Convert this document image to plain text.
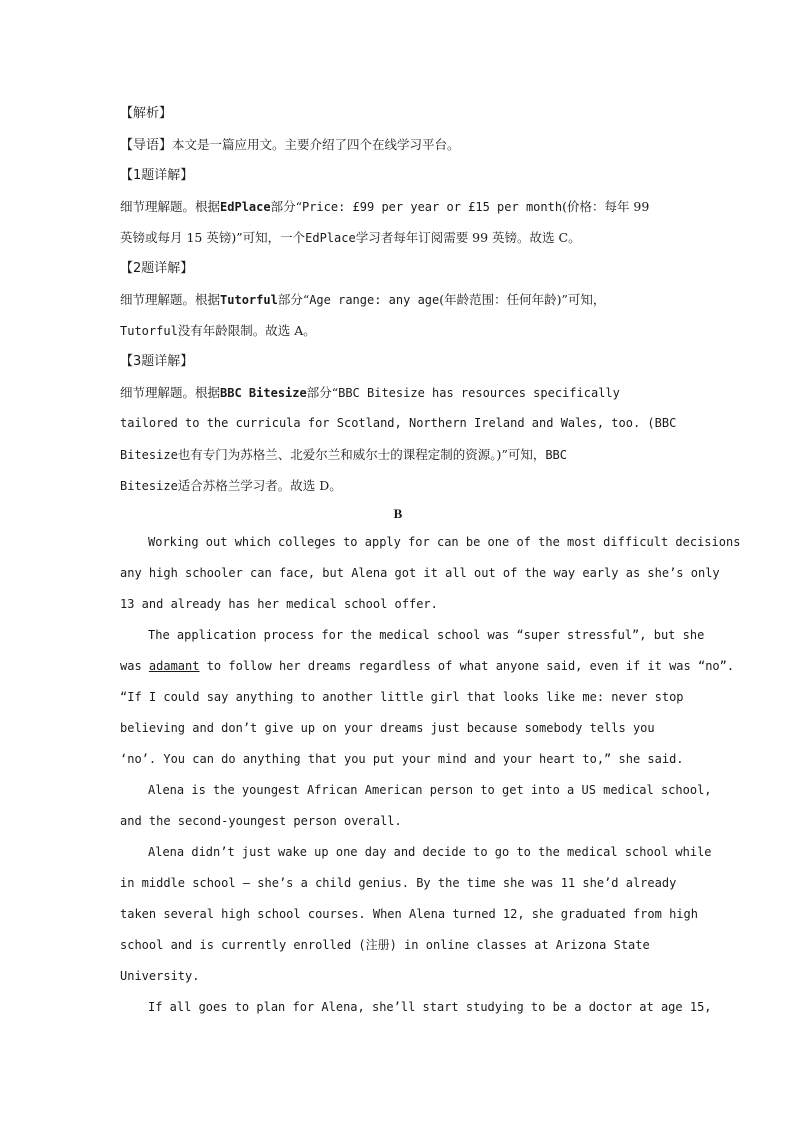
【解析】
【导语】本文是一篇应用文。主要介绍了四个在线学习平台。
【1题详解】
细节理解题。根据EdPlace部分“Price: £99 per year or £15 per month(价格：每年 99
英镑或每月 15 英镑)”可知，一个EdPlace学习者每年订阅需要 99 英镑。故选 C。
【2题详解】
细节理解题。根据Tutorful部分“Age range: any age(年龄范围：任何年龄)”可知，
Tutorful没有年龄限制。故选 A。
【3题详解】
细节理解题。根据BBC Bitesize部分“BBC Bitesize has resources specifically
tailored to the curricula for Scotland, Northern Ireland and Wales, too. (BBC
Bitesize也有专门为苏格兰、北爱尔兰和威尔士的课程定制的资源。)”可知，BBC
Bitesize适合苏格兰学习者。故选 D。
B
Working out which colleges to apply for can be one of the most difficult decisions
any high schooler can face, but Alena got it all out of the way early as she’s only
13 and already has her medical school offer.
The application process for the medical school was “super stressful”, but she
was adamant to follow her dreams regardless of what anyone said, even if it was “no”.
“If I could say anything to another little girl that looks like me: never stop
believing and don’t give up on your dreams just because somebody tells you
‘no’. You can do anything that you put your mind and your heart to,” she said.
Alena is the youngest African American person to get into a US medical school,
and the second-youngest person overall.
Alena didn’t just wake up one day and decide to go to the medical school while
in middle school — she’s a child genius. By the time she was 11 she’d already
taken several high school courses. When Alena turned 12, she graduated from high
school and is currently enrolled (注册) in online classes at Arizona State
University.
If all goes to plan for Alena, she’ll start studying to be a doctor at age 15,
